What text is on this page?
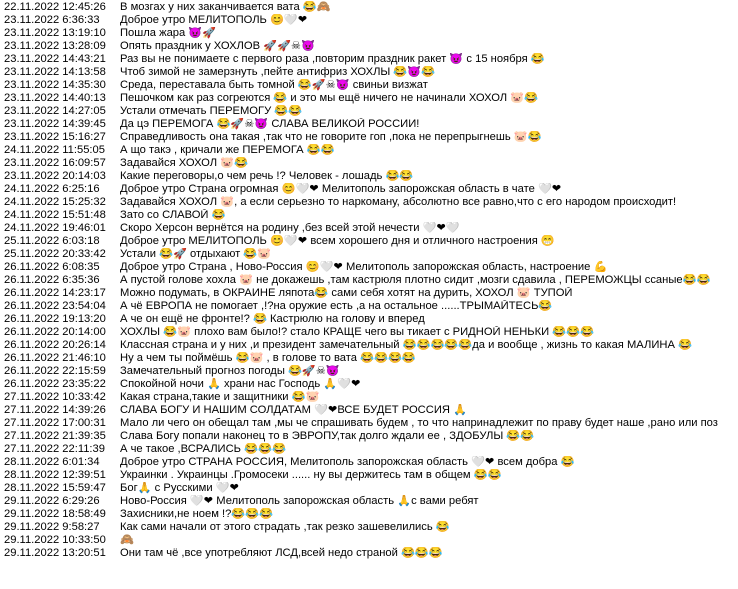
22.11.2022 12:45:26	В мозгах у них заканчивается вата 😂🙈
23.11.2022 6:36:33	Доброе утро МЕЛИТОПОЛЬ 😊🤍❤
23.11.2022 13:19:10	Пошла жара 😈🚀
23.11.2022 13:28:09	Опять праздник у ХОХЛОВ 🚀🚀☠😈
23.11.2022 14:43:21	Раз вы не понимаете с первого раза ,повторим праздник ракет 😈 с 15 ноября 😂
23.11.2022 14:13:58	Чтоб зимой не замерзнуть ,пейте антифриз ХОХЛЫ 😂😈😂
23.11.2022 14:35:30	Среда, переставала быть томной 😂🚀☠😈 свиньи визжат
23.11.2022 14:40:13	Пешочком как раз согреются 😂 и это мы ещё ничего не начинали ХОХОЛ 🐷😂
23.11.2022 14:27:05	Устали отмечать ПЕРЕМОГУ 😂😂
23.11.2022 14:39:45	Да цэ ПЕРЕМОГА 😂🚀☠😈 СЛАВА ВЕЛИКОЙ РОССИИ!
23.11.2022 15:16:27	Справедливость она такая ,так что не говорите гоп ,пока не перепрыгнешь 🐷😂
24.11.2022 11:55:05	А що такэ , кричали же ПЕРЕМОГА 😂😂
23.11.2022 16:09:57	Задавайся ХОХОЛ 🐷😂
23.11.2022 20:14:03	Какие переговоры,о чем речь !? Человек - лошадь 😂😂
24.11.2022 6:25:16	Доброе утро Страна огромная 😊🤍❤ Мелитополь запорожская область в чате 🤍❤
24.11.2022 15:25:32	Задавайся ХОХОЛ 🐷, а если серьезно то наркоману, абсолютно все равно,что с его народом происходит!
24.11.2022 15:51:48	Зато со СЛАВОЙ 😂
24.11.2022 19:46:01	Скоро Херсон вернётся на родину ,без всей этой нечести 🤍❤🤍
25.11.2022 6:03:18	Доброе утро МЕЛИТОПОЛЬ 😊🤍❤ всем хорошего дня и отличного настроения 😁
25.11.2022 20:33:42	Устали 😂🚀 отдыхают 😂🐷
26.11.2022 6:08:35	Доброе утро Страна , Ново-Россия 😊🤍❤ Мелитополь запорожская область, настроение 💪
26.11.2022 6:35:36	А пустой голове хохла 🐷 не докажешь ,там кастрюля плотно сидит ,мозги сдавила , ПЕРЕМОЖЦЫ ссаные😂😂
26.11.2022 14:23:17	Можно подумать, в ОКРАИНЕ ляпота😂 сами себя хотят на дурить, ХОХОЛ 🐷 ТУПОЙ
26.11.2022 23:54:04	А чё ЕВРОПА не помогает ,!?на оружие есть ,а на остальное ......ТРЫМАЙТЕСЬ😂
26.11.2022 19:13:20	А че он ещё не фронте!? 😂 Кастрюлю на голову и вперед
26.11.2022 20:14:00	ХОХЛЫ 😂🐷 плохо вам было!? стало КРАЩЕ чего вы тикает с РИДНОЙ НЕНЬКИ 😂😂😂
26.11.2022 20:26:14	Классная страна и у них ,и президент замечательный 😂😂😂😂😂да и вообще , жизнь то какая МАЛИНА 😂
26.11.2022 21:46:10	Ну а чем ты поймёшь 😂🐷 , в голове то вата 😂😂😂😂
26.11.2022 22:15:59	Замечательный прогноз погоды 😂🚀☠😈
26.11.2022 23:35:22	Спокойной ночи 🙏 храни нас Господь 🙏🤍❤
27.11.2022 10:33:42	Какая страна,такие и защитники 😂🐷
27.11.2022 14:39:26	СЛАВА БОГУ И НАШИМ СОЛДАТАМ 🤍❤ВСЕ БУДЕТ РОССИЯ 🙏
27.11.2022 17:00:31	Мало ли чего он обещал там ,мы че спрашивать будем , то что напринадлежит по праву будет наше ,рано или поз
27.11.2022 21:39:35	Слава Богу попали наконец то в ЭВРОПУ,так долго ждали ее , ЗДОБУЛЫ 😂😂
27.11.2022 22:11:39	А че такое ,ВСРАЛИСЬ 😂😂😂
28.11.2022 6:01:34	Доброе утро СТРАНА РОССИЯ, Мелитополь запорожская область 🤍❤ всем добра 😂
28.11.2022 12:39:51	Украинки . Украинцы .Громосеки ...... ну вы держитесь там в общем 😂😂
28.11.2022 15:59:47	Бог🙏 с Русскими 🤍❤
29.11.2022 6:29:26	Ново-Россия 🤍❤ Мелитополь запорожская область 🙏с вами ребят
29.11.2022 18:58:49	Захисники,не ноем !?😂😂😂
29.11.2022 9:58:27	Как сами начали от этого страдать ,так резко зашевелились 😂
29.11.2022 10:33:50	🙈
29.11.2022 13:20:51	Они там чё ,все употребляют ЛСД,всей недо страной 😂😂😂
